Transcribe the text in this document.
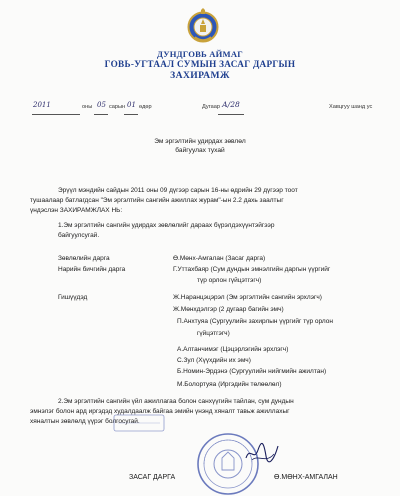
ДУНДГОВЬ АЙМАГ
ГОВЬ-УГТААЛ СУМЫН ЗАСАГ ДАРГЫН
ЗАХИРАМЖ
2011	оны 05 сарын 01 өдөр	Дугаар А/28	Хавцгуу шанд ус
Эм эргэлтийн удирдах зөвлөл
байгуулах тухай
Эрүүл мэндийн сайдын 2011 оны 09 дүгээр сарын 16-ны өдрийн 29 дүгээр тоот
тушаалаар батлагдсан "Эм эргэлтийн сангийн ажиллах журам"-ын 2.2 дахь заалтыг
үндэслэн ЗАХИРАМЖЛАХ НЬ:
1.Эм эргэлтийн сангийн удирдах зөвлөлийг дараах бүрэлдэхүүнтэйгээр
байгуулсугай.
Зөвлөлийн дарга	Ө.Мөнх-Амгалан (Засаг дарга)
Нарийн бичгийн дарга	Г.Уттахбаяр (Сум дундын эмнэлгийн даргын үүргийг
түр орлон гүйцэтгэгч)
Гишүүдэд	Ж.Наранцэцэрэл (Эм эргэлтийн сангийн эрхлэгч)
Ж.Мөнхдэлгэр (2 дугаар багийн эмч)
П.Анхтуяа (Сургуулийн захирлын үүргийг түр орлон
гүйцэтгэгч)
А.Алтанчимэг (Цэцэрлэгийн эрхлэгч)
С.Зул (Хүүхдийн их эмч)
Б.Номин-Эрдэнэ (Сургуулийн нийгмийн ажилтан)
М.Болортуяа (Иргэдийн төлөөлөл)
2.Эм эргэлтийн сангийн үйл ажиллагаа болон санхүүгийн тайлан, сум дундын
эмнэлэг болон ард иргэдэд худалдаалж байгаа эмийн үнэнд хяналт тавьж ажиллахыг
хяналтын зөвлөлд үүрэг болгосугай.
ЗАСАГ ДАРГА	Ө.МӨНХ-АМГАЛАН
